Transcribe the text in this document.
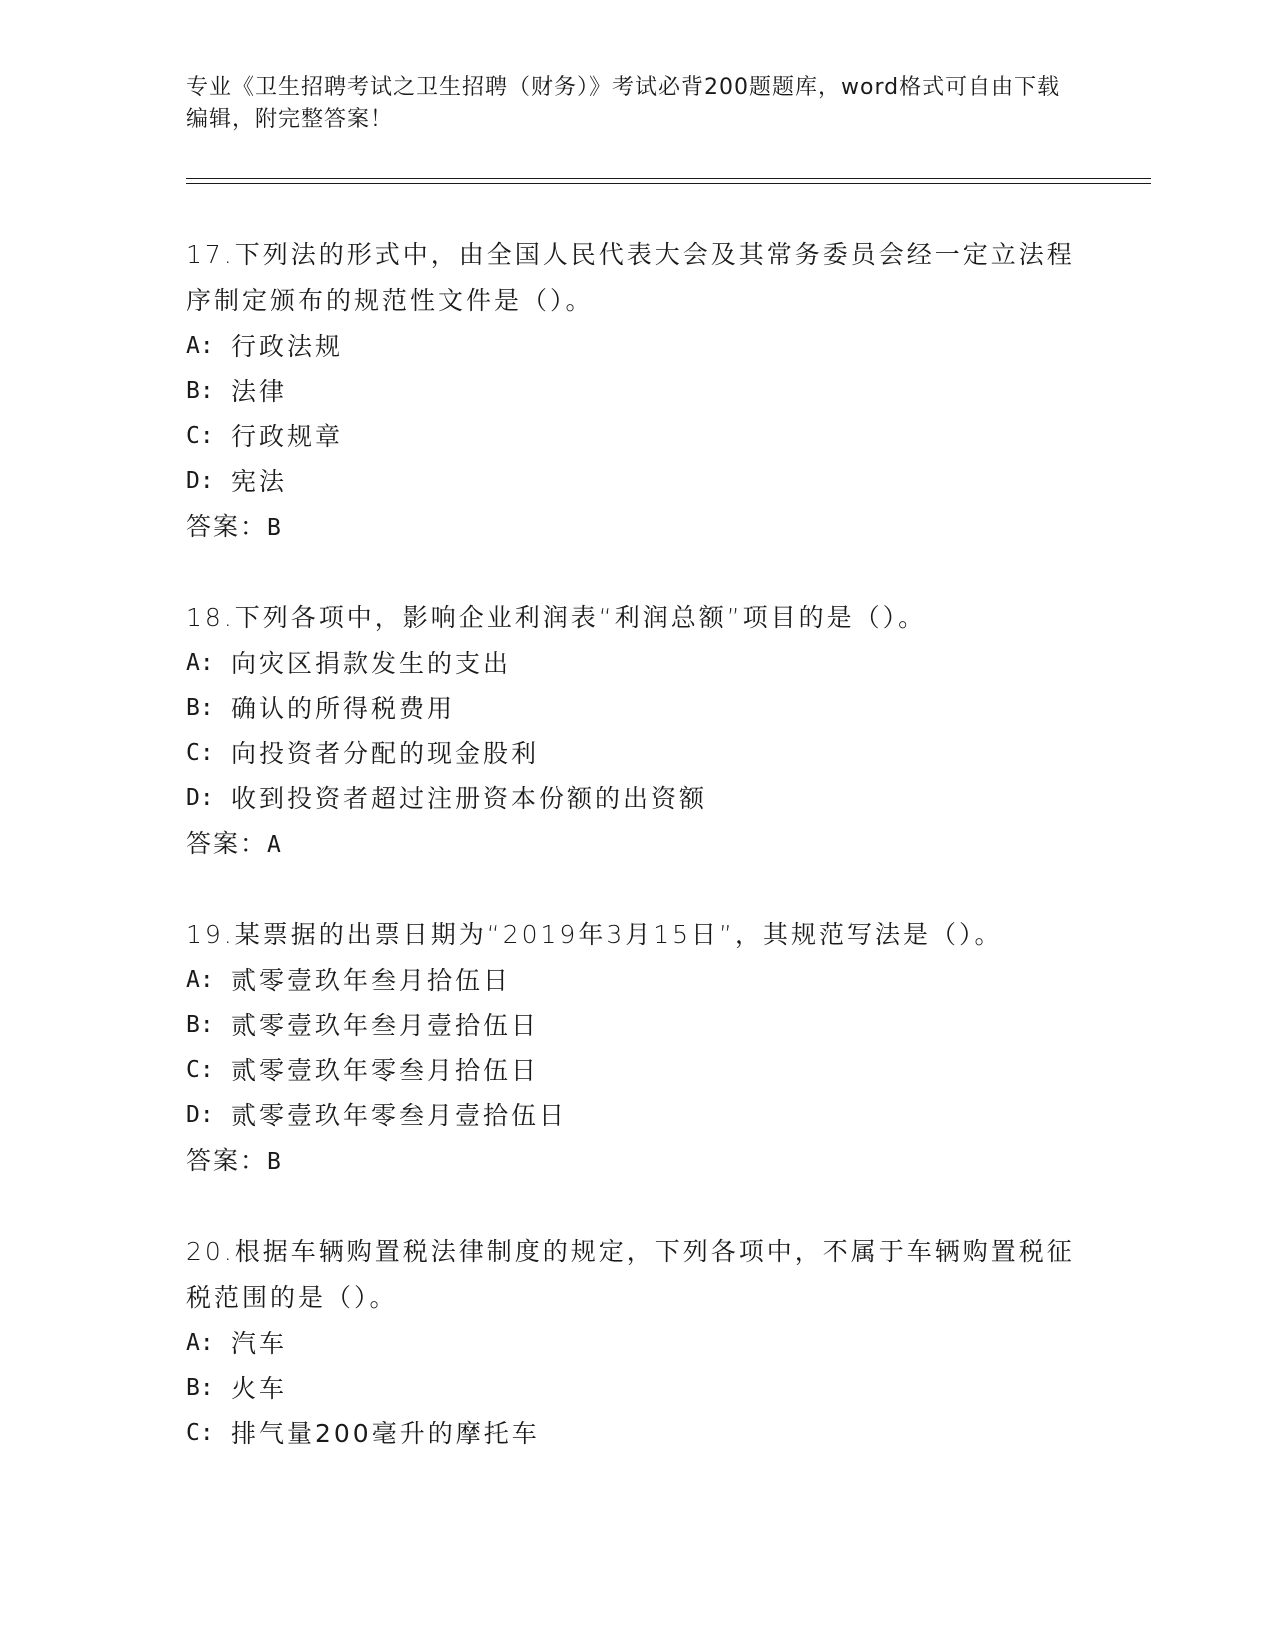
专业《卫生招聘考试之卫生招聘（财务）》考试必背200题题库，word格式可自由下载编辑，附完整答案！

17.下列法的形式中，由全国人民代表大会及其常务委员会经一定立法程序制定颁布的规范性文件是（）。

A: 行政法规

B: 法律

C: 行政规章

D: 宪法

答案：B

18.下列各项中，影响企业利润表“利润总额”项目的是（）。

A: 向灾区捐款发生的支出

B: 确认的所得税费用

C: 向投资者分配的现金股利

D: 收到投资者超过注册资本份额的出资额

答案：A

19.某票据的出票日期为“2019年3月15日”，其规范写法是（）。

A: 贰零壹玖年叁月拾伍日

B: 贰零壹玖年叁月壹拾伍日

C: 贰零壹玖年零叁月拾伍日

D: 贰零壹玖年零叁月壹拾伍日

答案：B

20.根据车辆购置税法律制度的规定，下列各项中，不属于车辆购置税征税范围的是（）。

A: 汽车

B: 火车

C: 排气量200毫升的摩托车
